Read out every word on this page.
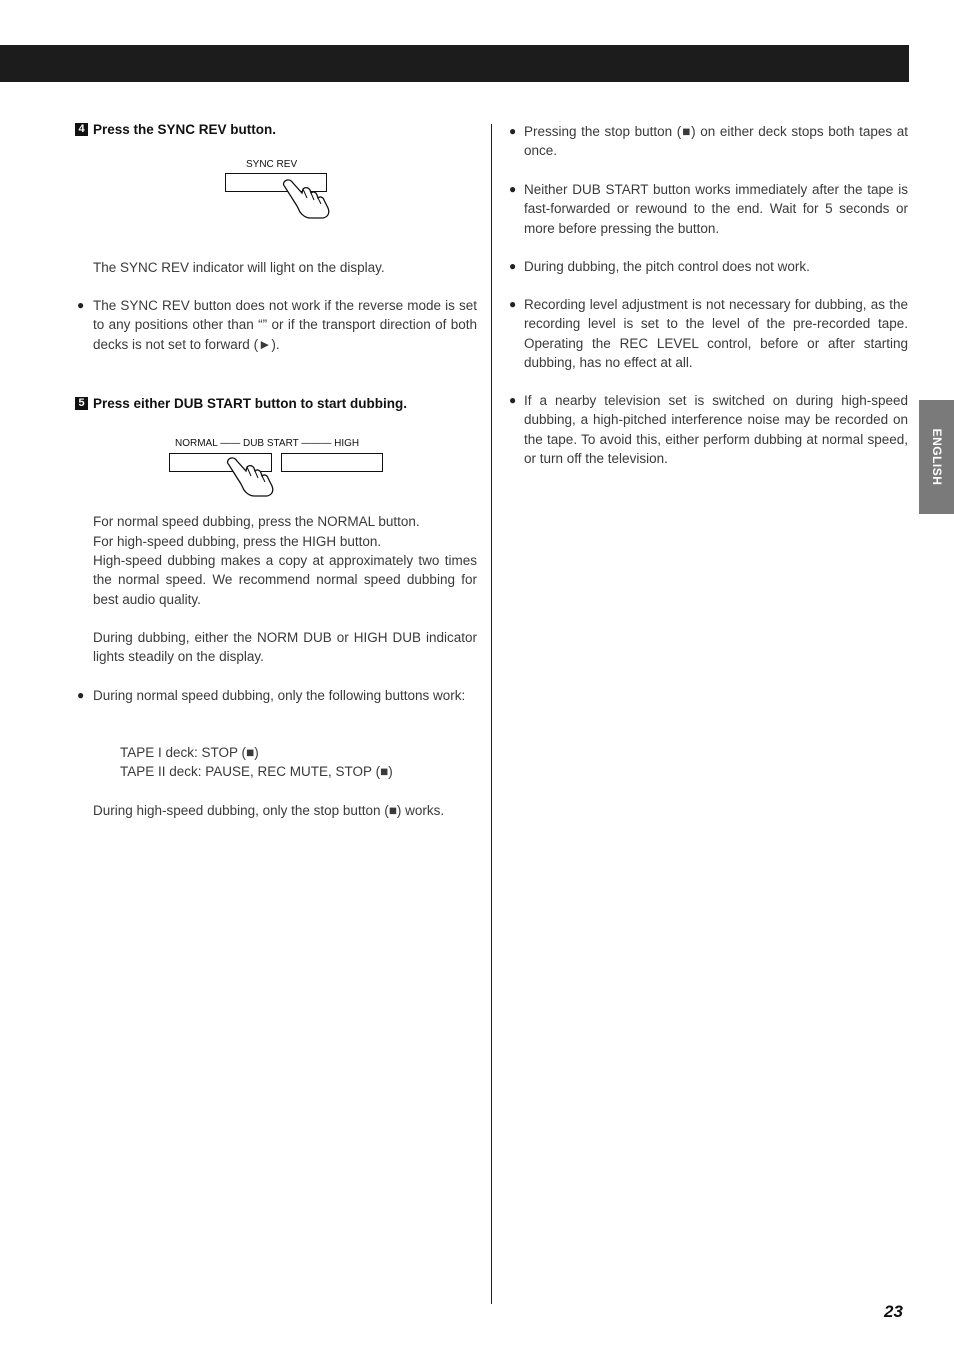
ENGLISH
23
4 Press the SYNC REV button.
SYNC REV
The SYNC REV indicator will light on the display.
● The SYNC REV button does not work if the reverse mode is set to any positions other than “” or if the transport direction of both decks is not set to forward (►).
5 Press either DUB START button to start dubbing.
NORMAL —— DUB START ——— HIGH
For normal speed dubbing, press the NORMAL button.
For high-speed dubbing, press the HIGH button.
High-speed dubbing makes a copy at approximately two times the normal speed. We recommend normal speed dubbing for best audio quality.
During dubbing, either the NORM DUB or HIGH DUB indicator lights steadily on the display.
● During normal speed dubbing, only the following buttons work:
TAPE I deck: STOP (■)
TAPE II deck: PAUSE, REC MUTE, STOP (■)
During high-speed dubbing, only the stop button (■) works.
● Pressing the stop button (■) on either deck stops both tapes at once.
● Neither DUB START button works immediately after the tape is fast-forwarded or rewound to the end. Wait for 5 seconds or more before pressing the button.
● During dubbing, the pitch control does not work.
● Recording level adjustment is not necessary for dubbing, as the recording level is set to the level of the pre-recorded tape. Operating the REC LEVEL control, before or after starting dubbing, has no effect at all.
● If a nearby television set is switched on during high-speed dubbing, a high-pitched interference noise may be recorded on the tape. To avoid this, either perform dubbing at normal speed, or turn off the television.
